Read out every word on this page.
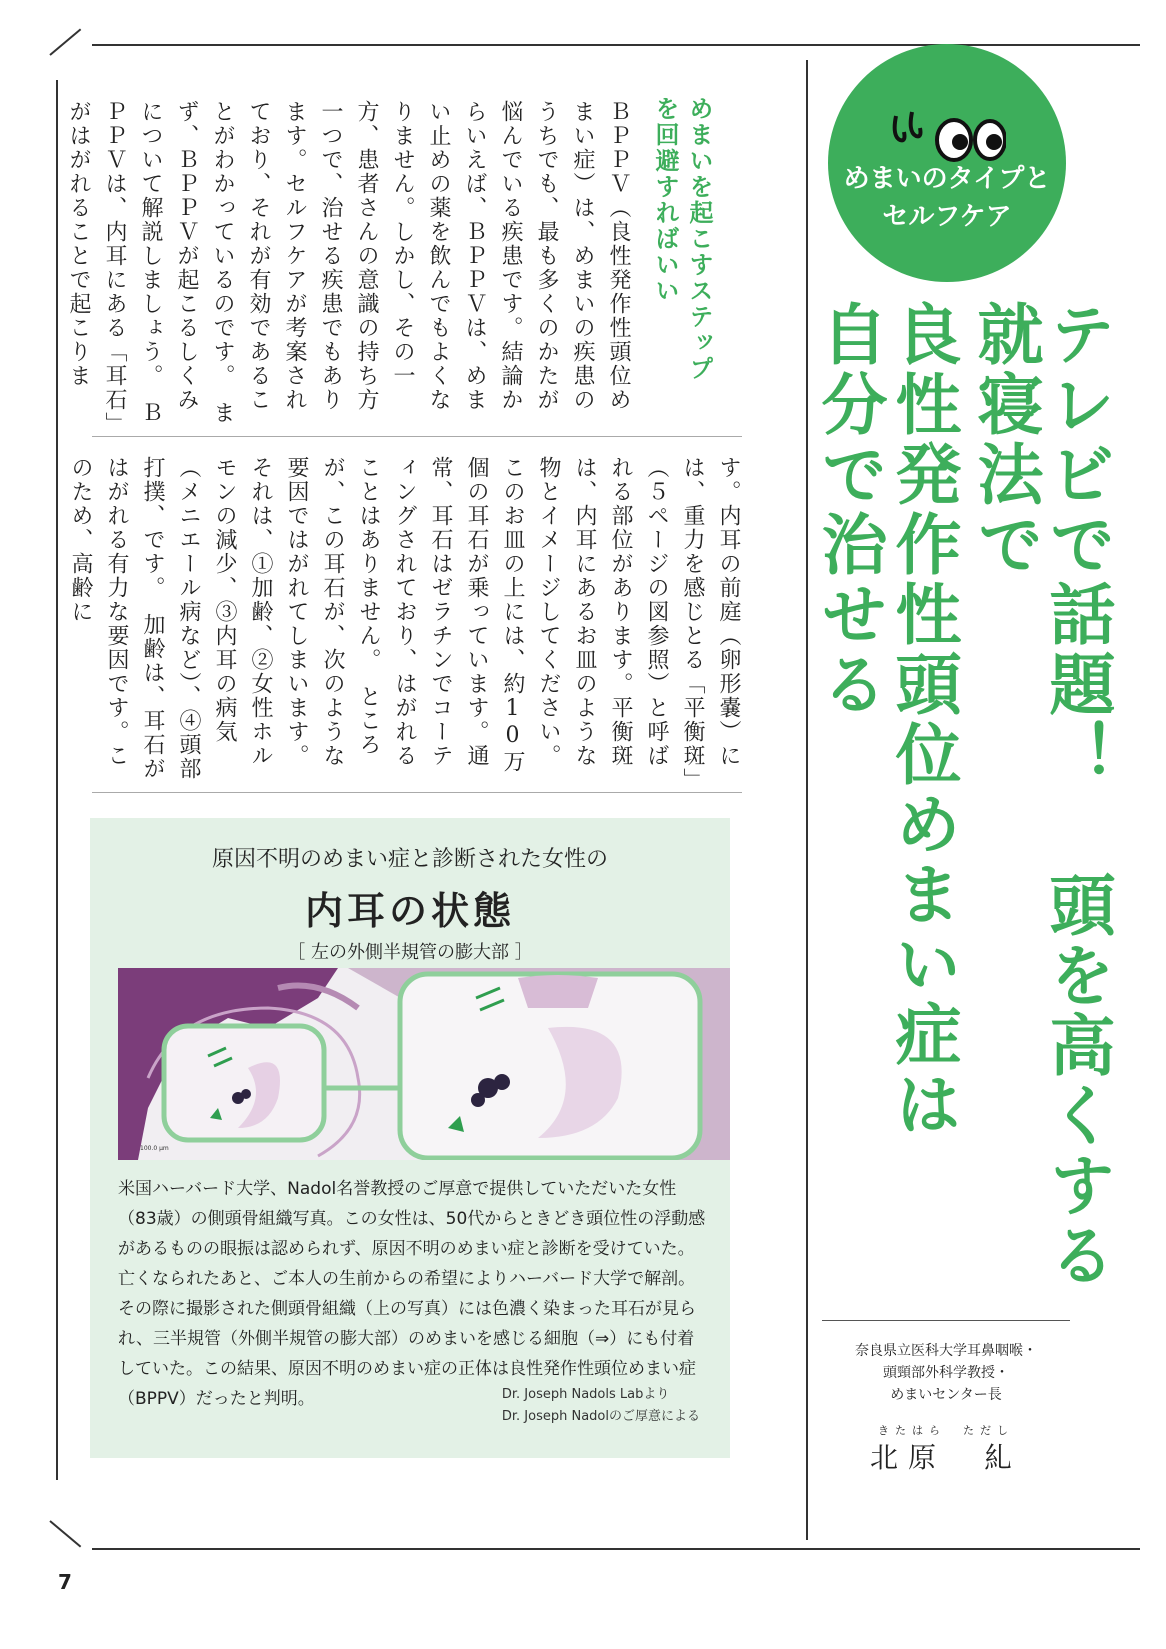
めまいのタイプと
セルフケア
テレビで話題！ 頭を高くする就寝法で
良性発作性頭位めまい症は
自分で治せる
めまいを起こすステップ
を回避すればいい
ＢＰＰＶ（良性発作性頭位めまい症）は、めまいの疾患のうちでも、最も多くのかたが悩んでいる疾患です。結論からいえば、ＢＰＰＶは、めまい止めの薬を飲んでもよくなりません。しかし、その一方、患者さんの意識の持ち方一つで、治せる疾患でもあります。セルフケアが考案されており、それが有効であることがわかっているのです。　まず、ＢＰＰＶが起こるしくみについて解説しましょう。　ＢＰＰＶは、内耳にある「耳石」がはがれることで起こりま
す。内耳の前庭（卵形嚢）には、重力を感じとる「平衡斑」（５ページの図参照）と呼ばれる部位があります。平衡斑は、内耳にあるお皿のような物とイメージしてください。このお皿の上には、約10万個の耳石が乗っています。通常、耳石はゼラチンでコーティングされており、はがれることはありません。　ところが、この耳石が、次のような要因ではがれてしまいます。それは、①加齢、②女性ホルモンの減少、③内耳の病気（メニエール病など）、④頭部打撲、です。　加齢は、耳石がはがれる有力な要因です。このため、高齢に
原因不明のめまい症と診断された女性の
内耳の状態
［ 左の外側半規管の膨大部 ］
100.0 μm
米国ハーバード大学、Nadol名誉教授のご厚意で提供していただいた女性（83歳）の側頭骨組織写真。この女性は、50代からときどき頭位性の浮動感があるものの眼振は認められず、原因不明のめまい症と診断を受けていた。亡くなられたあと、ご本人の生前からの希望によりハーバード大学で解剖。その際に撮影された側頭骨組織（上の写真）には色濃く染まった耳石が見られ、三半規管（外側半規管の膨大部）のめまいを感じる細胞（⇒）にも付着していた。この結果、原因不明のめまい症の正体は良性発作性頭位めまい症（BPPV）だったと判明。	Dr. Joseph Nadols Labより
Dr. Joseph Nadolのご厚意による
奈良県立医科大学耳鼻咽喉・
頭頸部外科学教授・
めまいセンター長
きたはら　ただし
北原　糺
7
